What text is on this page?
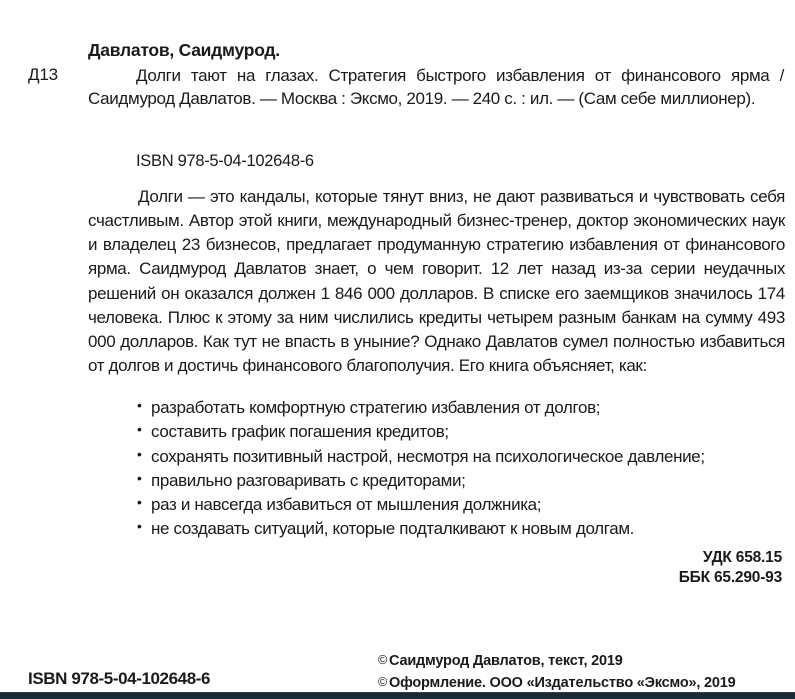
Д13

Давлатов, Саидмурод.

Долги тают на глазах. Стратегия быстрого избавления от финансового ярма / Саидмурод Давлатов. — Москва : Эксмо, 2019. — 240 с. : ил. — (Сам себе миллионер).

ISBN 978-5-04-102648-6

Долги — это кандалы, которые тянут вниз, не дают развиваться и чувствовать себя счастливым. Автор этой книги, международный бизнес-тренер, доктор экономических наук и владелец 23 бизнесов, предлагает продуманную стратегию избавления от финансового ярма. Саидмурод Давлатов знает, о чем говорит. 12 лет назад из-за серии неудачных решений он оказался должен 1 846 000 долларов. В списке его заемщиков значилось 174 человека. Плюс к этому за ним числились кредиты четырем разным банкам на сумму 493 000 долларов. Как тут не впасть в уныние? Однако Давлатов сумел полностью избавиться от долгов и достичь финансового благополучия. Его книга объясняет, как:

• разработать комфортную стратегию избавления от долгов;
• составить график погашения кредитов;
• сохранять позитивный настрой, несмотря на психологическое давление;
• правильно разговаривать с кредиторами;
• раз и навсегда избавиться от мышления должника;
• не создавать ситуаций, которые подталкивают к новым долгам.
УДК 658.15
ББК 65.290-93
ISBN 978-5-04-102648-6
© Саидмурод Давлатов, текст, 2019
© Оформление. ООО «Издательство «Эксмо», 2019
